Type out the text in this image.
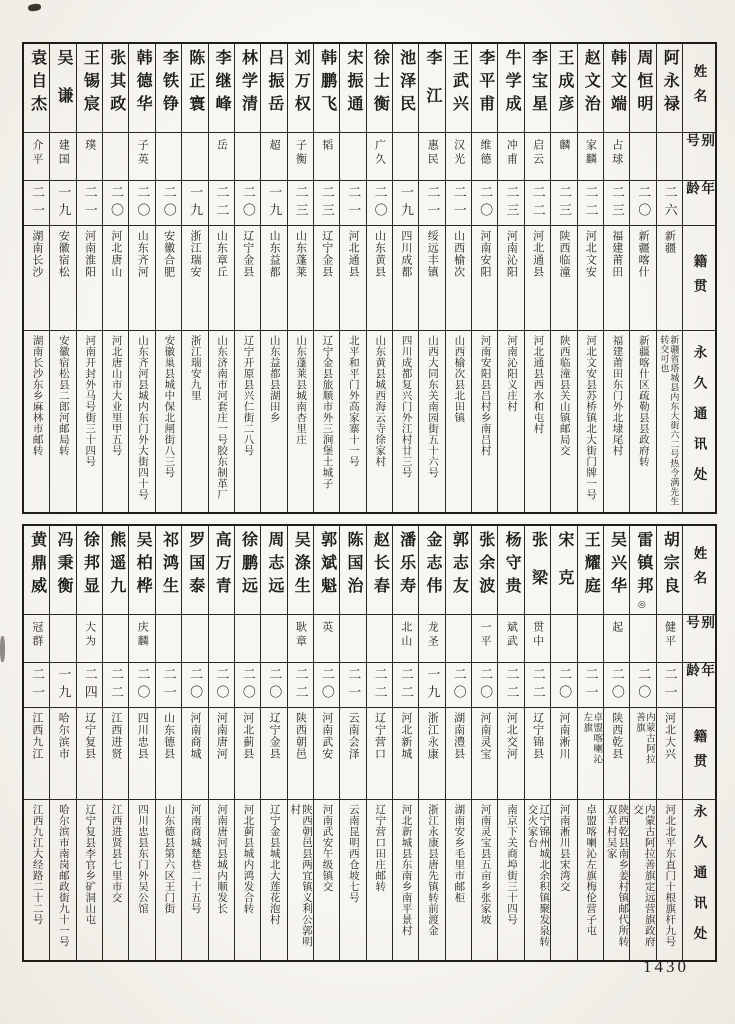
姓名
别号
年龄
籍贯
永久通讯处
阿永禄
二六
新疆
新疆省塔城县内东大街六二号热令满先生转交可也
周恒明
二〇
新疆喀什
新疆喀什区疏勒县县政府转
韩文端
占球
二三
福建莆田
福建莆田东门外北埭尾村
赵文治
家麟
二二
河北文安
河北文安县苏桥镇北大街门牌一号
王成彦
麟
二三
陕西临潼
陕西临潼县关山镇邮局交
李宝星
启云
二二
河北通县
河北通县西水和屯村
牛学成
冲甫
二三
河南沁阳
河南沁阳义庄村
李平甫
维德
二〇
河南安阳
河南安阳县吕村乡南吕村
王武兴
汉光
二一
山西榆次
山西榆次县北田镇
李江
惠民
二一
绥远丰镇
山西大同东关南园街五十六号
池泽民
一九
四川成都
四川成都复兴门外江村廿三号
徐士衡
广久
二〇
山东黄县
山东黄县城西海云寺徐家村
宋振通
二一
河北通县
北平和平门外高家寨十一号
韩鹏飞
韬
二三
辽宁金县
辽宁金县旅顺市外三涧堡土城子
刘万权
子衡
二三
山东蓬莱
山东蓬莱县城南杏里庄
吕振岳
超
一九
山东益都
山东益都县湖田乡
林学清
二〇
辽宁金县
辽宁开原县兴仁街二八号
李继峰
岳
二二
山东章丘
山东济南市河套庄一号胶东制革厂
陈正寰
一九
浙江瑞安
浙江瑞安九里
李铁铮
二〇
安徽合肥
安徽巢县城中保北闸街八三号
韩德华
子英
二〇
山东齐河
山东齐河县城内东门外大街四十号
张其政
二〇
河北唐山
河北唐山市大业里甲五号
王锡宸
璞
二一
河南淮阳
河南开封外马号街三十四号
吴谦
建国
一九
安徽宿松
安徽宿松县二郎河邮局转
袁自杰
介平
二一
湖南长沙
湖南长沙东乡麻林市邮转
姓名
别号
年龄
籍贯
永久通讯处
胡宗良
健平
二一
河北大兴
河北北平东直门十根旗杆九号
雷镇邦◎
二〇
内蒙古阿拉善旗
内蒙古阿拉善旗定远营旗政府交
吴兴华
起
二〇
陕西乾县
陕西乾县南乡姜村镇邮代所转双羊村吴家
王耀庭
二一
卓盟喀喇沁左旗
卓盟喀喇沁左旗梅伦营子屯
宋克
二〇
河南淅川
河南淅川县宋湾交
张梁
贯中
二二
辽宁锦县
辽宁锦州城北余积镇聚发泉转交火家台
杨守贵
斌武
二二
河北交河
南京下关商埠街三十四号
张余波
一平
二〇
河南灵宝
河南灵宝县五亩乡张家坡
郭志友
二〇
湖南澧县
湖南安乡毛里市邮柜
金志伟
龙圣
一九
浙江永康
浙江永康县唐先镇转前渡金
潘乐寿
北山
二二
河北新城
河北新城县东南乡南平景村
赵长春
二二
辽宁营口
辽宁营口田庄邮转
陈国治
二一
云南会泽
云南昆明西仓坡七号
郭斌魁
英
二〇
河南武安
河南武安午级镇交
吴涤生
耿章
二二
陕西朝邑
陕西朝邑县两宜镇义利公郭明村
周志远
二〇
辽宁金县
辽宁金县城北大莲花泡村
徐鹏远
二〇
河北蓟县
河北蓟县城内鸿发合转
高万青
二〇
河南唐河
河南唐河县城内顺发长
罗国泰
二〇
河南商城
河南商城楚巷二十五号
祁鸿生
二一
山东德县
山东德县第六区王门街
吴柏桦
庆麟
二〇
四川忠县
四川忠县东门外吴公馆
熊遥九
二二
江西进贤
江西进贤县七里市交
徐邦显
大为
二四
辽宁复县
辽宁复县李官乡矿洞山屯
冯秉衡
一九
哈尔滨市
哈尔滨市南岗邮政街九十一号
黄鼎威
冠群
二一
江西九江
江西九江大经路二十二号
1430
